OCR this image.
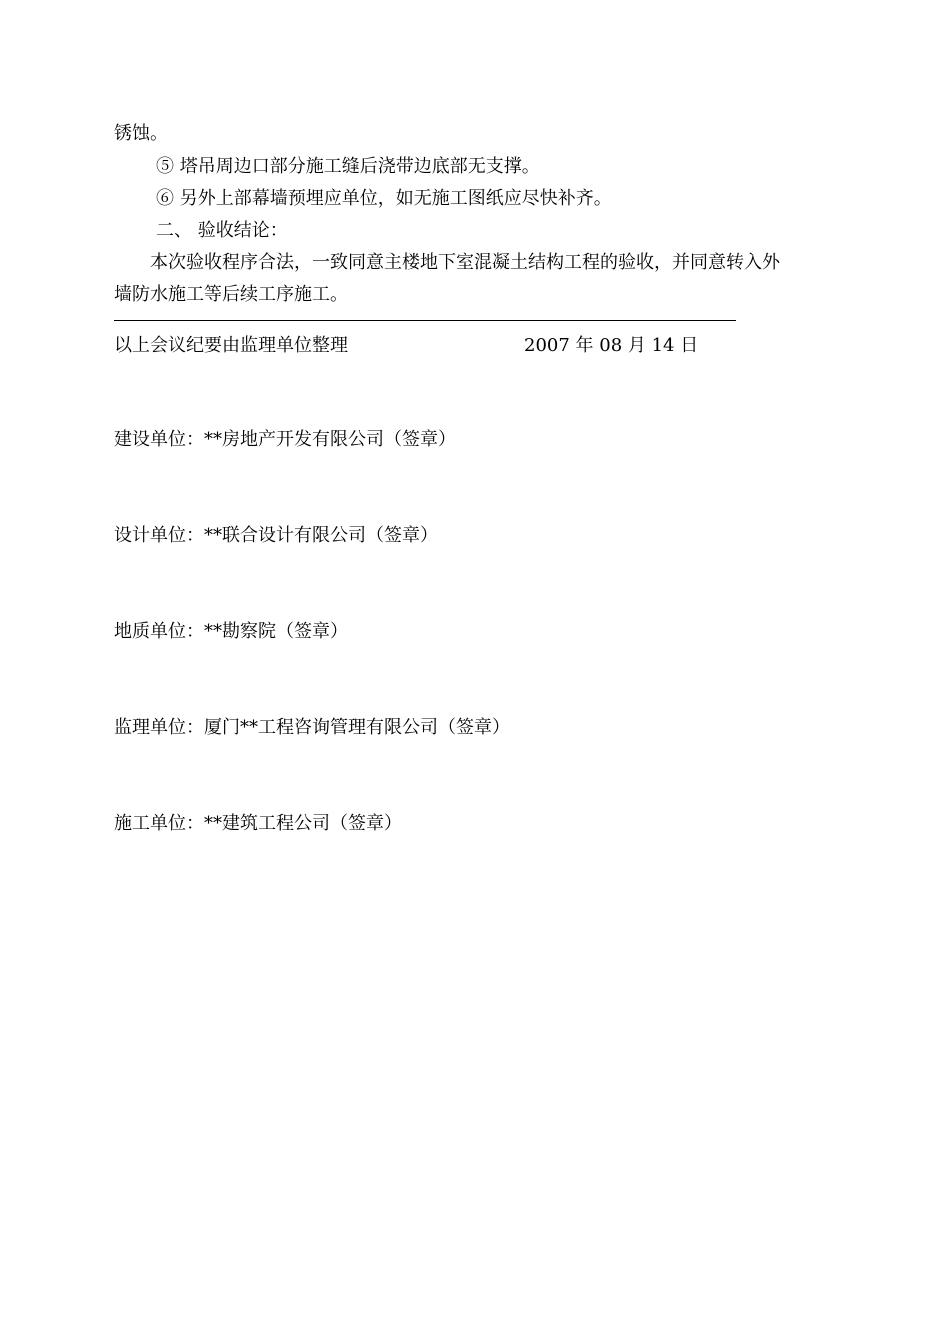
锈蚀。
⑤ 塔吊周边口部分施工缝后浇带边底部无支撑。
⑥ 另外上部幕墙预埋应单位，如无施工图纸应尽快补齐。
二、 验收结论：
本次验收程序合法，一致同意主楼地下室混凝土结构工程的验收，并同意转入外
墙防水施工等后续工序施工。
以上会议纪要由监理单位整理	2007 年 08 月 14 日
建设单位：**房地产开发有限公司（签章）
设计单位：**联合设计有限公司（签章）
地质单位：**勘察院（签章）
监理单位：厦门**工程咨询管理有限公司（签章）
施工单位：**建筑工程公司（签章）
